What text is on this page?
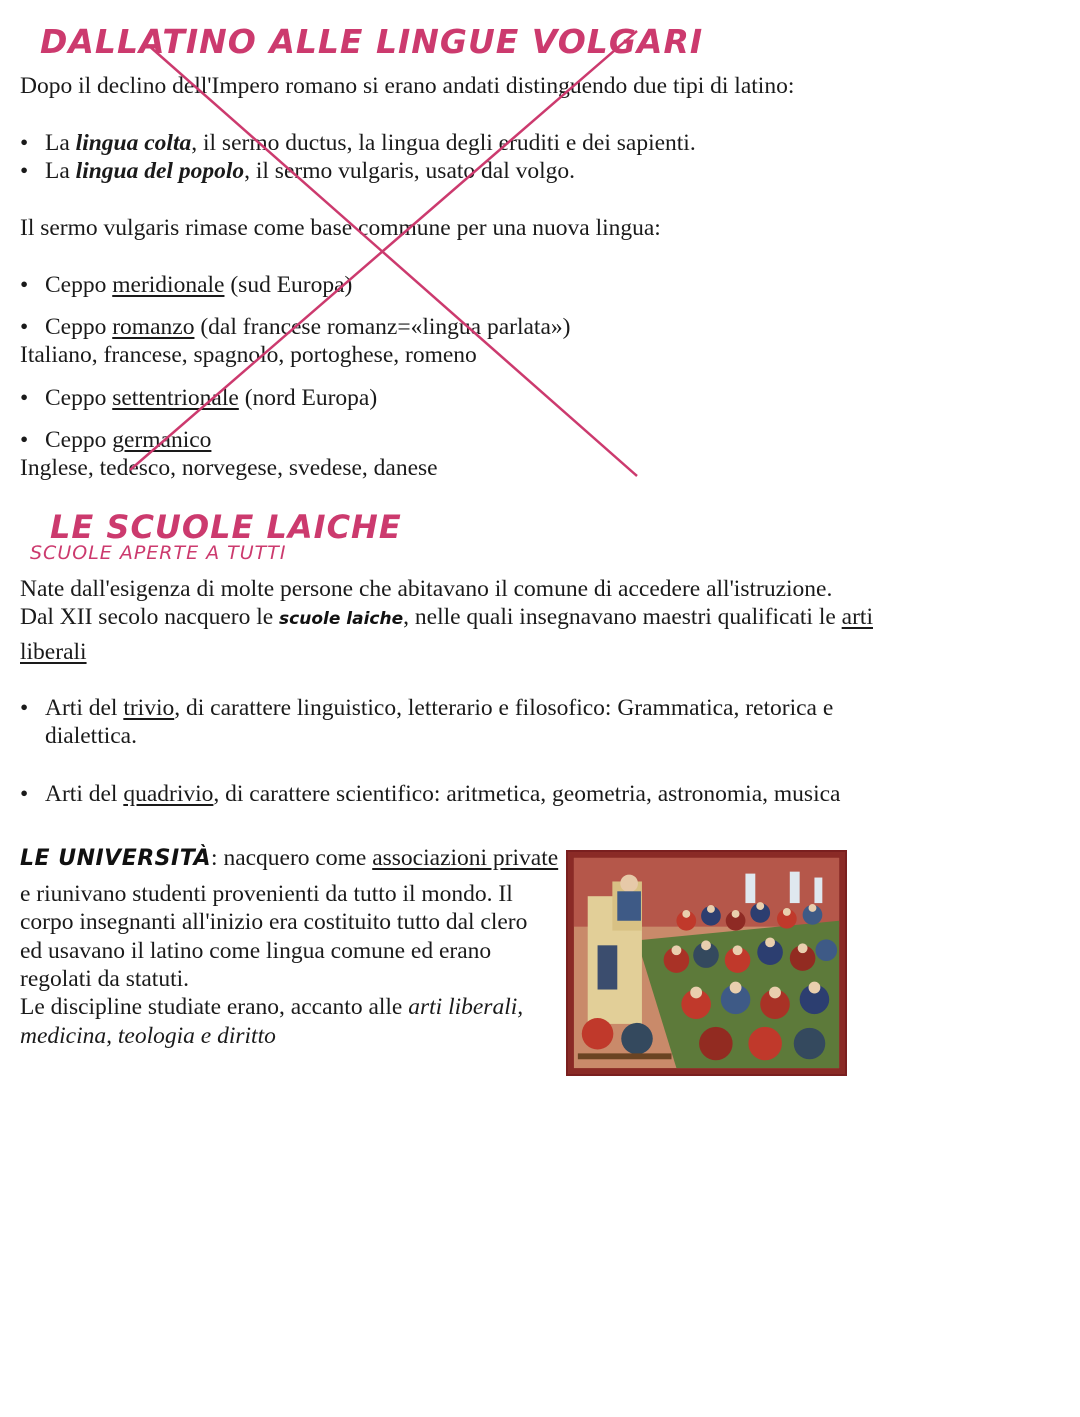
DALLATINO ALLE LINGUE VOLGARI
Dopo il declino dell'Impero romano si erano andati distinguendo due tipi di latino:
• La lingua colta, il sermo ductus, la lingua degli eruditi e dei sapienti.
• La lingua del popolo, il sermo vulgaris, usato dal volgo.
Il sermo vulgaris rimase come base commune per una nuova lingua:
• Ceppo meridionale (sud Europa)
• Ceppo romanzo (dal francese romanz=«lingua parlata»)
Italiano, francese, spagnolo, portoghese, romeno
• Ceppo settentrionale (nord Europa)
• Ceppo germanico
Inglese, tedesco, norvegese, svedese, danese
LE SCUOLE LAICHE
SCUOLE APERTE A TUTTI
Nate dall'esigenza di molte persone che abitavano il comune di accedere all'istruzione.
Dal XII secolo nacquero le scuole laiche, nelle quali insegnavano maestri qualificati le arti
liberali
• Arti del trivio, di carattere linguistico, letterario e filosofico: Grammatica, retorica e
dialettica.
• Arti del quadrivio, di carattere scientifico: aritmetica, geometria, astronomia, musica
LE UNIVERSITÀ: nacquero come associazioni private
e riunivano studenti provenienti da tutto il mondo. Il
corpo insegnanti all'inizio era costituito tutto dal clero
ed usavano il latino come lingua comune ed erano
regolati da statuti.
Le discipline studiate erano, accanto alle arti liberali,
medicina, teologia e diritto
